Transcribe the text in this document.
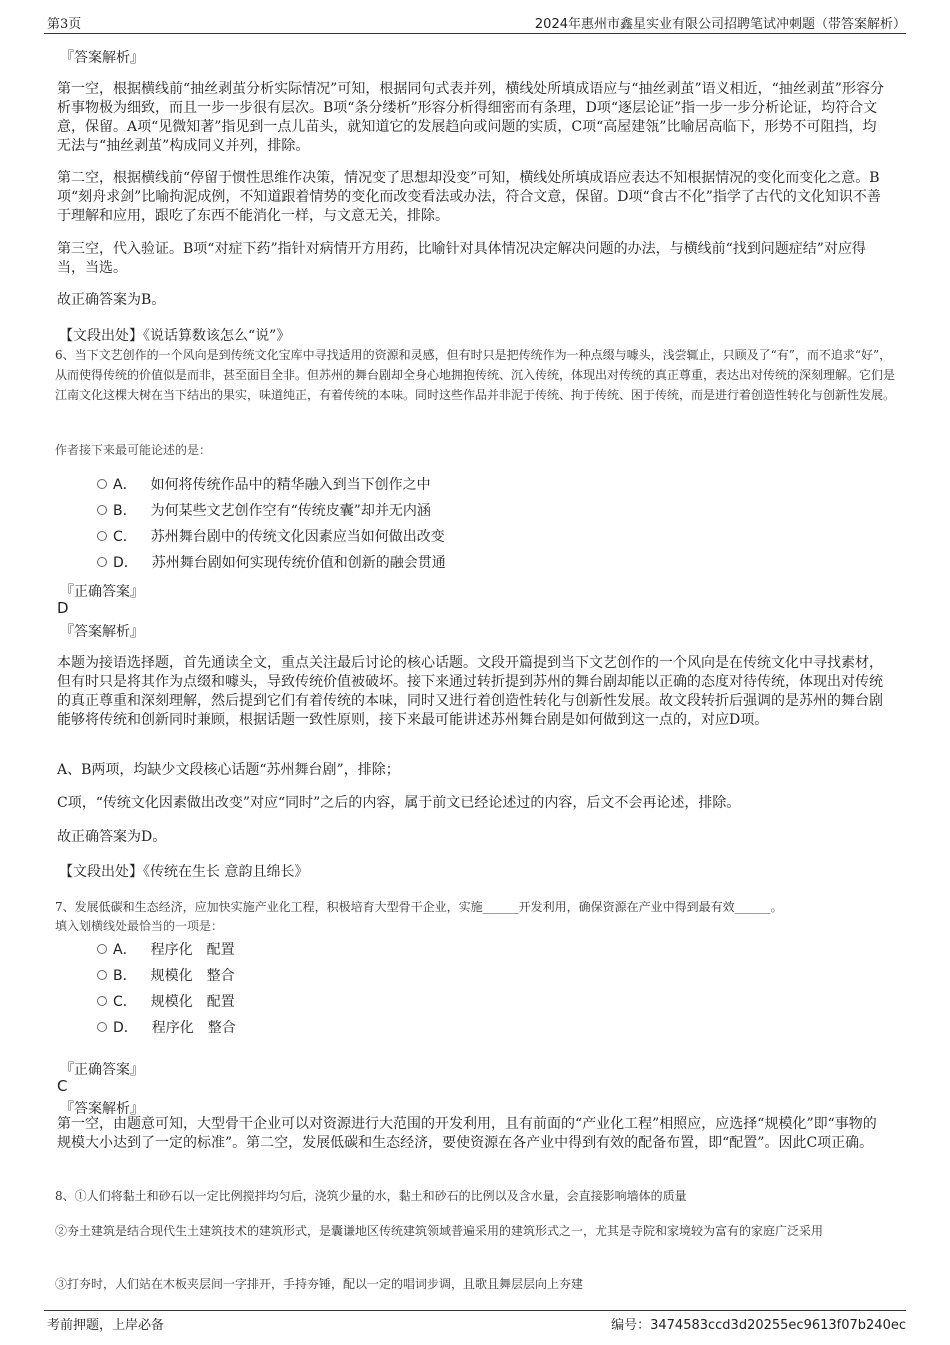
第3页	2024年惠州市鑫星实业有限公司招聘笔试冲刺题（带答案解析）
『答案解析』

第一空，根据横线前“抽丝剥茧分析实际情况”可知，根据同句式表并列，横线处所填成语应与“抽丝剥茧”语义相近，“抽丝剥茧”形容分析事物极为细致，而且一步一步很有层次。B项“条分缕析”形容分析得细密而有条理，D项“逐层论证”指一步一步分析论证，均符合文意，保留。A项“见微知著”指见到一点儿苗头，就知道它的发展趋向或问题的实质，C项“高屋建瓴”比喻居高临下，形势不可阻挡，均无法与“抽丝剥茧”构成同义并列，排除。

第二空，根据横线前“停留于惯性思维作决策，情况变了思想却没变”可知，横线处所填成语应表达不知根据情况的变化而变化之意。B项“刻舟求剑”比喻拘泥成例，不知道跟着情势的变化而改变看法或办法，符合文意，保留。D项“食古不化”指学了古代的文化知识不善于理解和应用，跟吃了东西不能消化一样，与文意无关，排除。

第三空，代入验证。B项“对症下药”指针对病情开方用药，比喻针对具体情况决定解决问题的办法，与横线前“找到问题症结”对应得当，当选。

故正确答案为B。

【文段出处】《说话算数该怎么“说”》

6、当下文艺创作的一个风向是到传统文化宝库中寻找适用的资源和灵感，但有时只是把传统作为一种点缀与噱头，浅尝辄止，只顾及了“有”，而不追求“好”，从而使得传统的价值似是而非，甚至面目全非。但苏州的舞台剧却全身心地拥抱传统、沉入传统，体现出对传统的真正尊重，表达出对传统的深刻理解。它们是江南文化这棵大树在当下结出的果实，味道纯正，有着传统的本味。同时这些作品并非泥于传统、拘于传统、困于传统，而是进行着创造性转化与创新性发展。

作者接下来最可能论述的是：
A． 如何将传统作品中的精华融入到当下创作之中
B． 为何某些文艺创作空有“传统皮囊”却并无内涵
C． 苏州舞台剧中的传统文化因素应当如何做出改变
D． 苏州舞台剧如何实现传统价值和创新的融会贯通
『正确答案』
D
『答案解析』

本题为接语选择题，首先通读全文，重点关注最后讨论的核心话题。文段开篇提到当下文艺创作的一个风向是在传统文化中寻找素材，但有时只是将其作为点缀和噱头，导致传统价值被破坏。接下来通过转折提到苏州的舞台剧却能以正确的态度对待传统，体现出对传统的真正尊重和深刻理解，然后提到它们有着传统的本味，同时又进行着创造性转化与创新性发展。故文段转折后强调的是苏州的舞台剧能够将传统和创新同时兼顾，根据话题一致性原则，接下来最可能讲述苏州舞台剧是如何做到这一点的，对应D项。

A、B两项，均缺少文段核心话题“苏州舞台剧”，排除；

C项，“传统文化因素做出改变”对应“同时”之后的内容，属于前文已经论述过的内容，后文不会再论述，排除。

故正确答案为D。

【文段出处】《传统在生长 意韵且绵长》

7、发展低碳和生态经济，应加快实施产业化工程，积极培育大型骨干企业，实施______开发利用，确保资源在产业中得到最有效______。

填入划横线处最恰当的一项是：
A． 程序化　配置
B． 规模化　整合
C． 规模化　配置
D． 程序化　整合
『正确答案』
C
『答案解析』

第一空，由题意可知，大型骨干企业可以对资源进行大范围的开发利用，且有前面的“产业化工程”相照应，应选择“规模化”即“事物的规模大小达到了一定的标准”。第二空，发展低碳和生态经济，要使资源在各产业中得到有效的配备布置，即“配置”。因此C项正确。

8、①人们将黏土和砂石以一定比例搅拌均匀后，浇筑少量的水，黏土和砂石的比例以及含水量，会直接影响墙体的质量

②夯土建筑是结合现代生土建筑技术的建筑形式，是囊谦地区传统建筑领域普遍采用的建筑形式之一，尤其是寺院和家境较为富有的家庭广泛采用

③打夯时，人们站在木板夹层间一字排开，手持夯锤，配以一定的唱词步调，且歌且舞层层向上夯建

考前押题，上岸必备	编号：3474583ccd3d20255ec9613f07b240ec
